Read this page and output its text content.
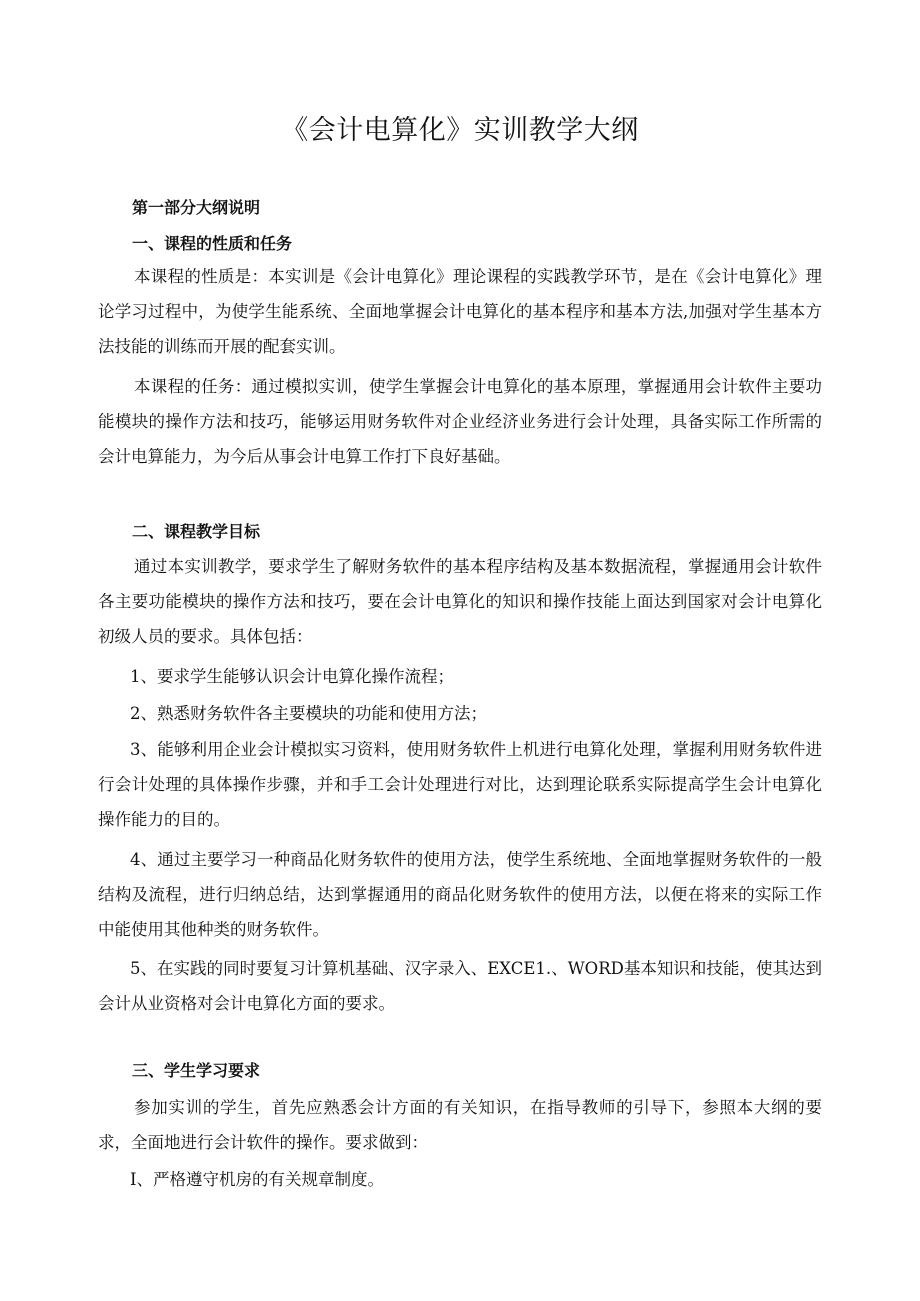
《会计电算化》实训教学大纲
第一部分大纲说明
一、课程的性质和任务
本课程的性质是：本实训是《会计电算化》理论课程的实践教学环节，是在《会计电算化》理论学习过程中，为使学生能系统、全面地掌握会计电算化的基本程序和基本方法,加强对学生基本方法技能的训练而开展的配套实训。
本课程的任务：通过模拟实训，使学生掌握会计电算化的基本原理，掌握通用会计软件主要功能模块的操作方法和技巧，能够运用财务软件对企业经济业务进行会计处理，具备实际工作所需的会计电算能力，为今后从事会计电算工作打下良好基础。
二、课程教学目标
通过本实训教学，要求学生了解财务软件的基本程序结构及基本数据流程，掌握通用会计软件各主要功能模块的操作方法和技巧，要在会计电算化的知识和操作技能上面达到国家对会计电算化初级人员的要求。具体包括：
1、要求学生能够认识会计电算化操作流程；
2、熟悉财务软件各主要模块的功能和使用方法；
3、能够利用企业会计模拟实习资料，使用财务软件上机进行电算化处理，掌握利用财务软件进行会计处理的具体操作步骤，并和手工会计处理进行对比，达到理论联系实际提高学生会计电算化操作能力的目的。
4、通过主要学习一种商品化财务软件的使用方法，使学生系统地、全面地掌握财务软件的一般结构及流程，进行归纳总结，达到掌握通用的商品化财务软件的使用方法，以便在将来的实际工作中能使用其他种类的财务软件。
5、在实践的同时要复习计算机基础、汉字录入、EXCE1.、WORD基本知识和技能，使其达到会计从业资格对会计电算化方面的要求。
三、学生学习要求
参加实训的学生，首先应熟悉会计方面的有关知识，在指导教师的引导下，参照本大纲的要求，全面地进行会计软件的操作。要求做到：
I、严格遵守机房的有关规章制度。
